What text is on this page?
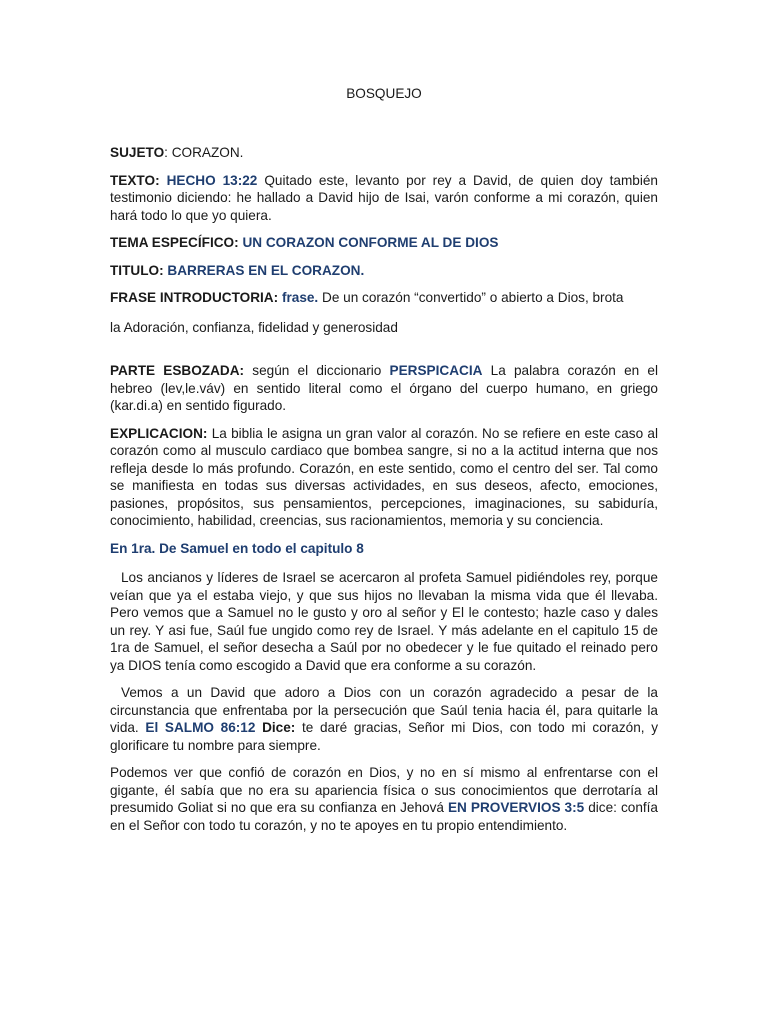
BOSQUEJO

SUJETO: CORAZON.

TEXTO: HECHO 13:22 Quitado este, levanto por rey a David, de quien doy también testimonio diciendo: he hallado a David hijo de Isai, varón conforme a mi corazón, quien hará todo lo que yo quiera.

TEMA ESPECÍFICO: UN CORAZON CONFORME AL DE DIOS

TITULO: BARRERAS EN EL CORAZON.

FRASE INTRODUCTORIA: frase. De un corazón “convertido” o abierto a Dios, brota

la Adoración, confianza, fidelidad y generosidad

PARTE ESBOZADA: según el diccionario PERSPICACIA La palabra corazón en el hebreo (lev,le.váv) en sentido literal como el órgano del cuerpo humano, en griego (kar.di.a) en sentido figurado.

EXPLICACION: La biblia le asigna un gran valor al corazón. No se refiere en este caso al corazón como al musculo cardiaco que bombea sangre, si no a la actitud interna que nos refleja desde lo más profundo. Corazón, en este sentido, como el centro del ser. Tal como se manifiesta en todas sus diversas actividades, en sus deseos, afecto, emociones, pasiones, propósitos, sus pensamientos, percepciones, imaginaciones, su sabiduría, conocimiento, habilidad, creencias, sus racionamientos, memoria y su conciencia.

En 1ra. De Samuel en todo el capitulo 8

Los ancianos y líderes de Israel se acercaron al profeta Samuel pidiéndoles rey, porque veían que ya el estaba viejo, y que sus hijos no llevaban la misma vida que él llevaba. Pero vemos que a Samuel no le gusto y oro al señor y El le contesto; hazle caso y dales un rey. Y asi fue, Saúl fue ungido como rey de Israel. Y más adelante en el capitulo 15 de 1ra de Samuel, el señor desecha a Saúl por no obedecer y le fue quitado el reinado pero ya DIOS tenía como escogido a David que era conforme a su corazón.

Vemos a un David que adoro a Dios con un corazón agradecido a pesar de la circunstancia que enfrentaba por la persecución que Saúl tenia hacia él, para quitarle la vida. El SALMO 86:12 Dice: te daré gracias, Señor mi Dios, con todo mi corazón, y glorificare tu nombre para siempre.

Podemos ver que confió de corazón en Dios, y no en sí mismo al enfrentarse con el gigante, él sabía que no era su apariencia física o sus conocimientos que derrotaría al presumido Goliat si no que era su confianza en Jehová EN PROVERVIOS 3:5 dice: confía en el Señor con todo tu corazón, y no te apoyes en tu propio entendimiento.
